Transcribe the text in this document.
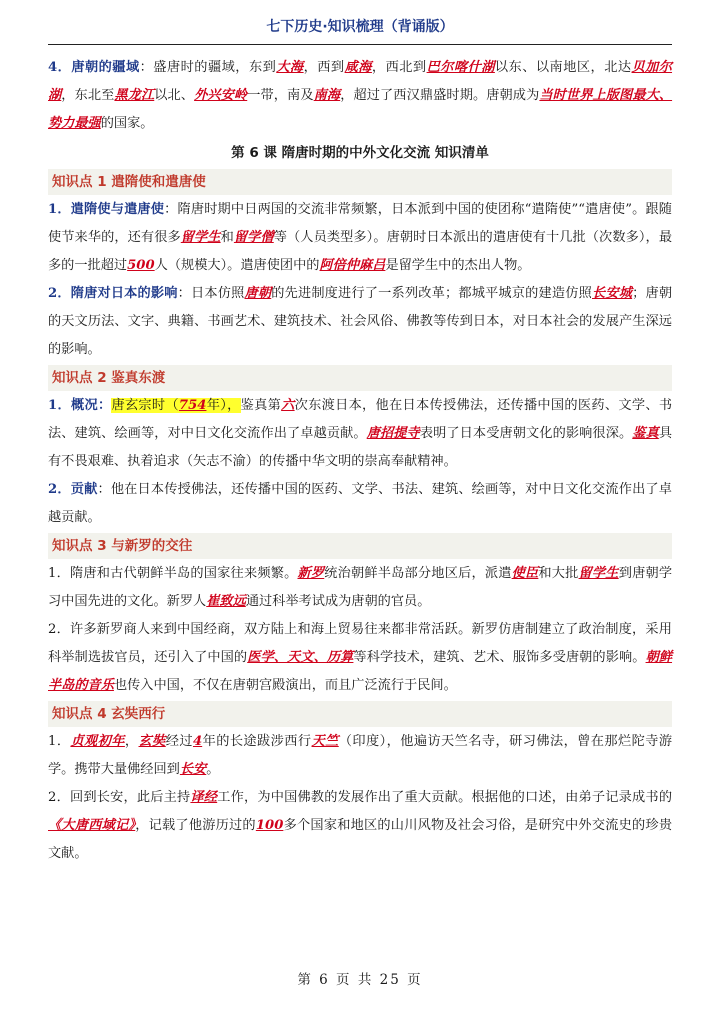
七下历史·知识梳理（背诵版）

4．唐朝的疆域：盛唐时的疆域，东到大海，西到咸海，西北到巴尔喀什湖以东、以南地区，北达贝加尔湖，东北至黑龙江以北、外兴安岭一带，南及南海，超过了西汉鼎盛时期。唐朝成为当时世界上版图最大、势力最强的国家。

第 6 课 隋唐时期的中外文化交流 知识清单

知识点 1 遣隋使和遣唐使

1．遣隋使与遣唐使：隋唐时期中日两国的交流非常频繁，日本派到中国的使团称“遣隋使”“遣唐使”。跟随使节来华的，还有很多留学生和留学僧等（人员类型多）。唐朝时日本派出的遣唐使有十几批（次数多），最多的一批超过500人（规模大）。遣唐使团中的阿倍仲麻吕是留学生中的杰出人物。

2．隋唐对日本的影响：日本仿照唐朝的先进制度进行了一系列改革；都城平城京的建造仿照长安城；唐朝的天文历法、文字、典籍、书画艺术、建筑技术、社会风俗、佛教等传到日本，对日本社会的发展产生深远的影响。

知识点 2 鉴真东渡

1．概况：唐玄宗时（754年），鉴真第六次东渡日本，他在日本传授佛法，还传播中国的医药、文学、书法、建筑、绘画等，对中日文化交流作出了卓越贡献。唐招提寺表明了日本受唐朝文化的影响很深。鉴真具有不畏艰难、执着追求（矢志不渝）的传播中华文明的崇高奉献精神。

2．贡献：他在日本传授佛法，还传播中国的医药、文学、书法、建筑、绘画等，对中日文化交流作出了卓越贡献。

知识点 3 与新罗的交往

1．隋唐和古代朝鲜半岛的国家往来频繁。新罗统治朝鲜半岛部分地区后，派遣使臣和大批留学生到唐朝学习中国先进的文化。新罗人崔致远通过科举考试成为唐朝的官员。

2．许多新罗商人来到中国经商，双方陆上和海上贸易往来都非常活跃。新罗仿唐制建立了政治制度，采用科举制选拔官员，还引入了中国的医学、天文、历算等科学技术，建筑、艺术、服饰多受唐朝的影响。朝鲜半岛的音乐也传入中国，不仅在唐朝宫殿演出，而且广泛流行于民间。

知识点 4 玄奘西行

1．贞观初年，玄奘经过4年的长途跋涉西行天竺（印度），他遍访天竺名寺，研习佛法，曾在那烂陀寺游学。携带大量佛经回到长安。

2．回到长安，此后主持译经工作，为中国佛教的发展作出了重大贡献。根据他的口述，由弟子记录成书的《大唐西域记》，记载了他游历过的100多个国家和地区的山川风物及社会习俗，是研究中外交流史的珍贵文献。

第 6 页 共 25 页
